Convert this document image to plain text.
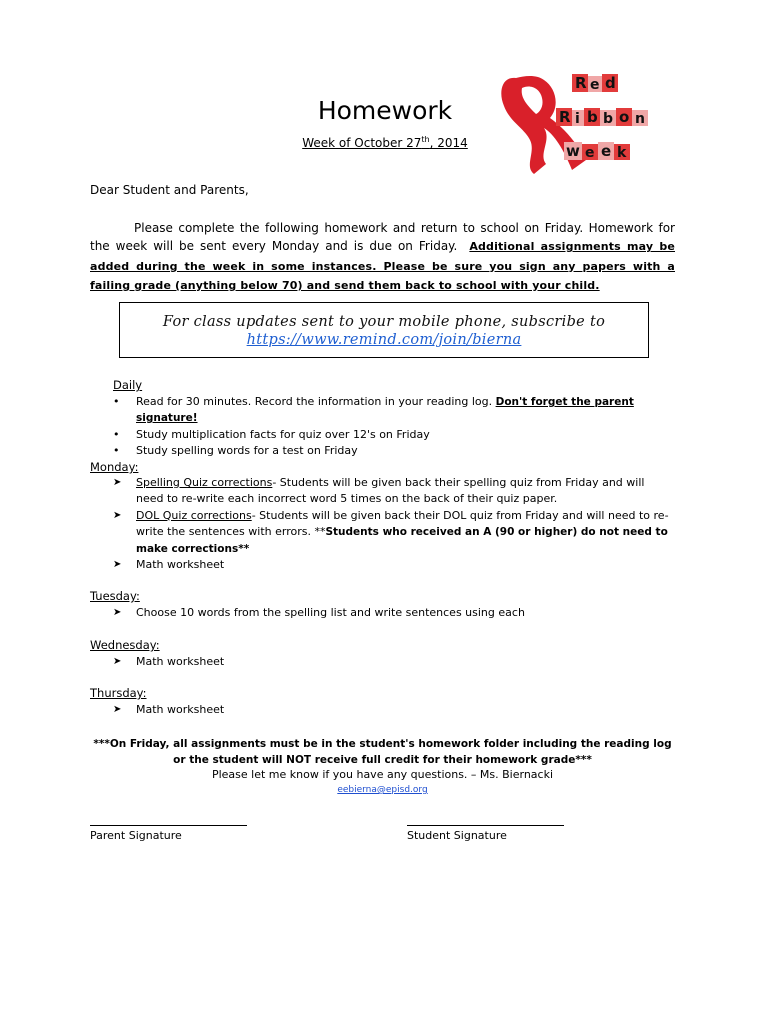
Homework
Week of October 27th, 2014
R e d
R i b b o n
w e e k
Dear Student and Parents,
Please complete the following homework and return to school on Friday. Homework for the week will be sent every Monday and is due on Friday. Additional assignments may be added during the week in some instances. Please be sure you sign any papers with a failing grade (anything below 70) and send them back to school with your child.
For class updates sent to your mobile phone, subscribe to
https://www.remind.com/join/bierna
Daily
• Read for 30 minutes. Record the information in your reading log. Don't forget the parent signature!
• Study multiplication facts for quiz over 12's on Friday
• Study spelling words for a test on Friday
Monday:
➤ Spelling Quiz corrections- Students will be given back their spelling quiz from Friday and will need to re-write each incorrect word 5 times on the back of their quiz paper.
➤ DOL Quiz corrections- Students will be given back their DOL quiz from Friday and will need to re-write the sentences with errors. **Students who received an A (90 or higher) do not need to make corrections**
➤ Math worksheet
Tuesday:
➤ Choose 10 words from the spelling list and write sentences using each
Wednesday:
➤ Math worksheet
Thursday:
➤ Math worksheet
***On Friday, all assignments must be in the student's homework folder including the reading log or the student will NOT receive full credit for their homework grade***
Please let me know if you have any questions. – Ms. Biernacki
eebierna@episd.org
Parent Signature	Student Signature
